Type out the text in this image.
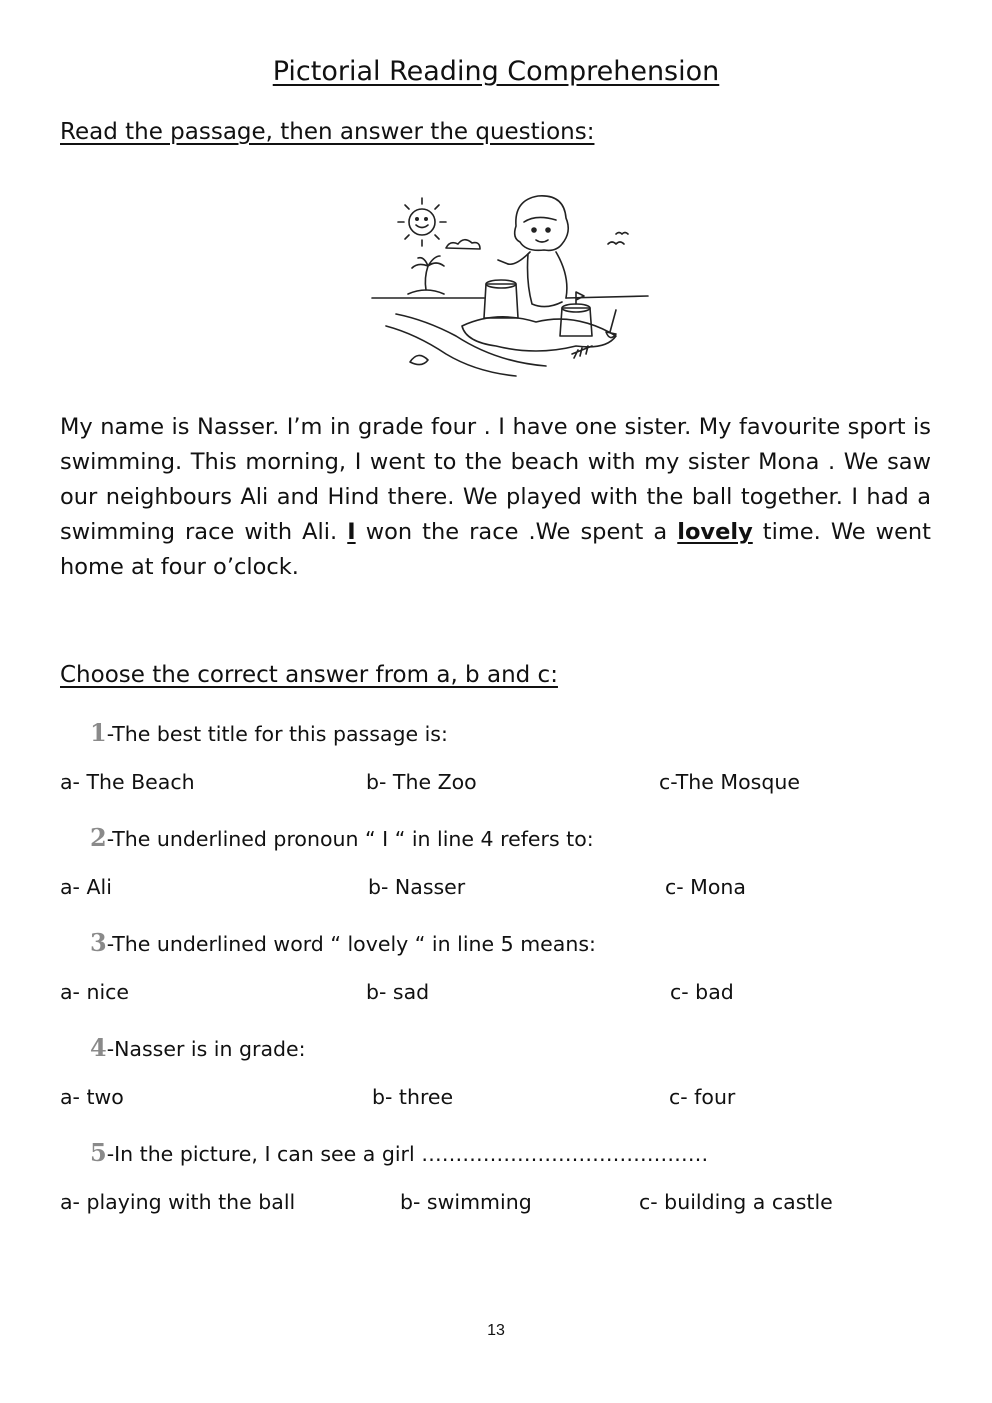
Pictorial Reading Comprehension
Read the passage, then answer the questions:
My name is Nasser. I’m in grade four . I have one sister. My favourite sport is swimming. This morning, I went to the beach with my sister Mona . We saw our neighbours Ali and Hind there. We played with the ball together. I had a swimming race with Ali. I won the race .We spent a lovely time. We went home at four o’clock.
Choose the correct answer from a, b and c:
1-The best title for this passage is:
a- The Beach	b- The Zoo	c-The Mosque
2-The underlined pronoun “ I “ in line 4 refers to:
a- Ali	b- Nasser	c- Mona
3-The underlined word “ lovely “ in line 5 means:
a- nice	b- sad	c- bad
4-Nasser is in grade:
a- two	b- three	c- four
5-In the picture, I can see a girl ……………………………………
a- playing with the ball	b- swimming	c- building a castle
13
